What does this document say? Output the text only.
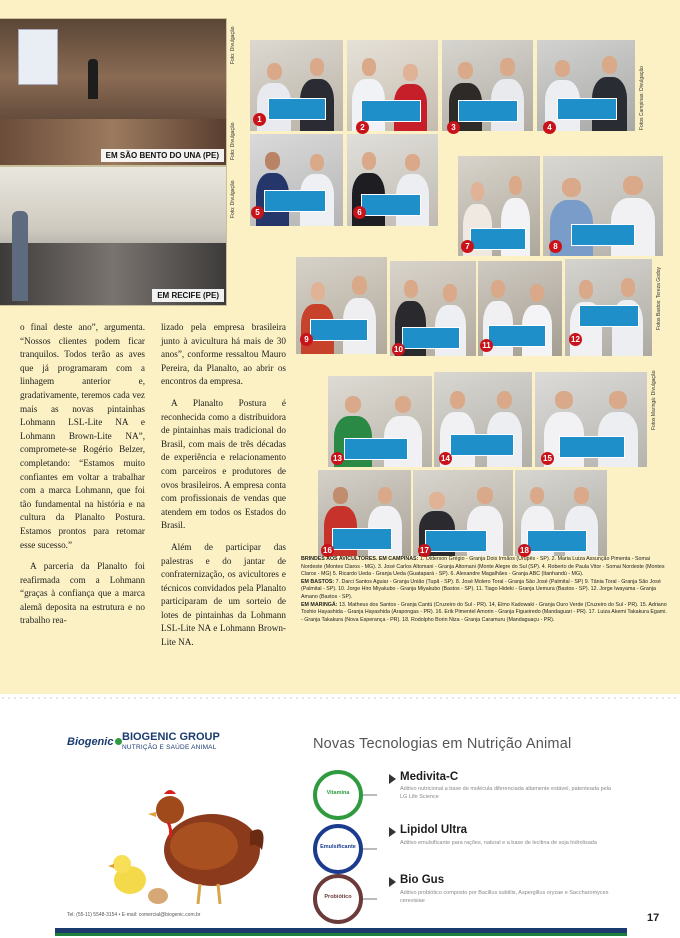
EM SÃO BENTO DO UNA (PE)
EM RECIFE (PE)
Foto: Divulgação
Foto: Divulgação
Fotos Campinas: Divulgação
Foto: Divulgação
Fotos Bastos: Tereza Godoy
Fotos Maringá: Divulgação
1
2	3	4
5	6
7	8
9
10	11
12
13	14	15
16	17	18

o final deste ano”, argumenta. “Nossos clientes podem ficar tranquilos. Todos terão as aves que já programaram com a linhagem anterior e, gradativamente, teremos cada vez mais as novas pintainhas Lohmann LSL-Lite NA e Lohmann Brown-Lite NA”, compromete-se Rogério Belzer, completando: “Estamos muito confiantes em voltar a trabalhar com a marca Lohmann, que foi tão fundamental na história e na cultura da Planalto Postura. Estamos prontos para retomar esse sucesso.”

A parceria da Planalto foi reafirmada com a Lohmann “graças à confiança que a marca alemã deposita na estrutura e no trabalho rea-

lizado pela empresa brasileira junto à avicultura há mais de 30 anos”, conforme ressaltou Mauro Pereira, da Planalto, ao abrir os encontros da empresa.

A Planalto Postura é reconhecida como a distribuidora de pintainhas mais tradicional do Brasil, com mais de três décadas de experiência e relacionamento com parceiros e produtores de ovos brasileiros. A empresa conta com profissionais de vendas que atendem em todos os Estados do Brasil.

Além de participar das palestras e do jantar de confraternização, os avicultores e técnicos convidados pela Planalto participaram de um sorteio de lotes de pintainhas da Lohmann LSL-Lite NA e Lohmann Brown-Lite NA.

BRINDES AOS AVICULTORES. EM CAMPINAS: 1. Olderson Grégio - Granja Dois Irmãos (Urupês - SP). 2. Maria Luiza Assunção Pimenta - Somai Nordeste (Montes Claros - MG). 3. José Carlos Altomani - Granja Altomani (Monte Alegre do Sul (SP). 4. Roberto de Paula Vitor - Somai Nordeste (Montes Claros - MG) 5. Ricardo Ueda - Granja Ueda (Guatapará - SP). 6. Alexandre Magalhães - Granja ABC (Itanhandú - MG).
EM BASTOS: 7. Darci Santos Aguiar - Granja União (Tupã - SP). 8. José Molero Toral - Granja São José (Palmital - SP) 9. Tânia Toral - Granja São José (Palmital - SP). 10. Jorge Hiro Miyakubo - Granja Miyakubo (Bastos - SP). 11. Tiago Hideki - Granja Uemura (Bastos - SP). 12. Jorge Iwayama - Granja Amano (Bastos - SP).
EM MARINGÁ: 13. Matheus dos Santos - Granja Cantú (Cruzeiro do Sul - PR). 14, Elmo Kadowaki - Granja Ouro Verde (Cruzeiro do Sul - PR). 15. Adriano Toshio Hayashida - Granja Hayashida (Arapongas - PR). 16. Erik Pimentel Amorin - Granja Figueiredo (Mandaguari - PR). 17. Luiza Akemi Takakura Egami. - Granja Takakura (Nova Esperança - PR). 18. Rodolpho Borin Niza - Granja Caramuru (Mandaguaçu - PR).
Biogenic BIOGENIC GROUP
NUTRIÇÃO E SAÚDE ANIMAL
Tel: (55-11) 5548-3154 • E-mail: comercial@biogenic.com.br
Novas Tecnologias em Nutrição Animal
Vitamina
Medivita-C
Aditivo nutricional a base de molécula diferenciada altamente estável, patenteada pela LG Life Science
Emulsificante
Lipidol Ultra
Aditivo emulsificante para rações, natural e a base de lecitina de soja hidrolisada
Probiótico
Bio Gus
Aditivo probiótico composto por Bacillus subtilis, Aspergillus oryzae e Saccharomyces cerevisiae
17
